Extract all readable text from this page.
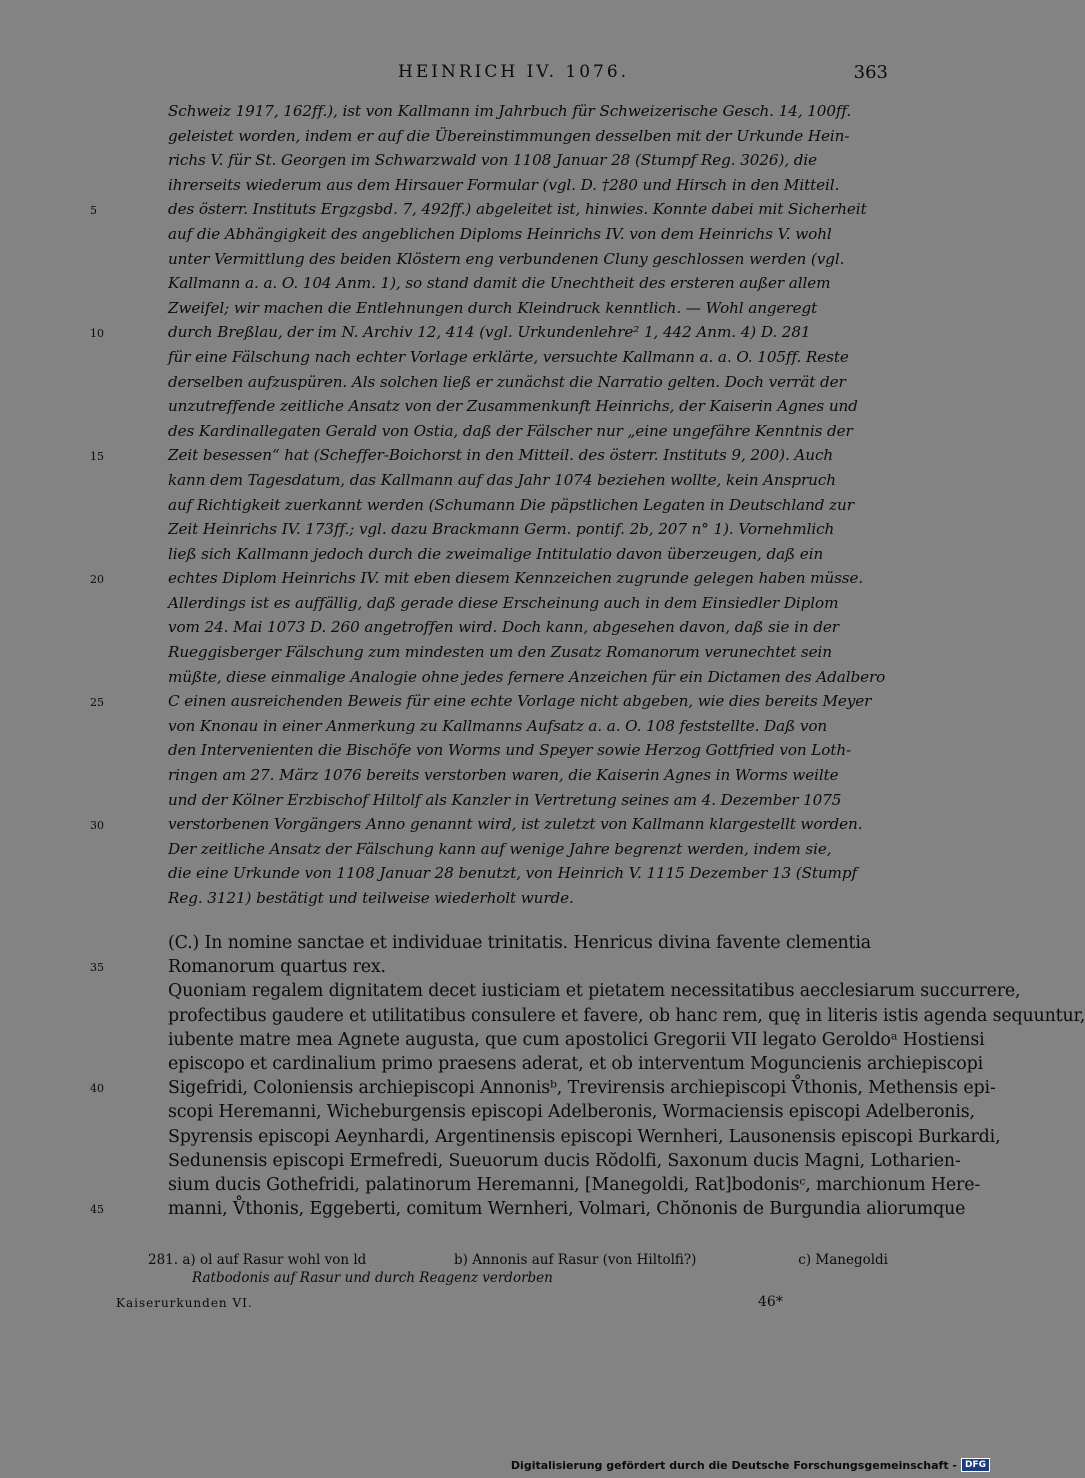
HEINRICH IV. 1076.	363
Schweiz 1917, 162ff.), ist von Kallmann im Jahrbuch für Schweizerische Gesch. 14, 100ff.
geleistet worden, indem er auf die Übereinstimmungen desselben mit der Urkunde Hein-
richs V. für St. Georgen im Schwarzwald von 1108 Januar 28 (Stumpf Reg. 3026), die
ihrerseits wiederum aus dem Hirsauer Formular (vgl. D. †280 und Hirsch in den Mitteil.
5	des österr. Instituts Ergzgsbd. 7, 492ff.) abgeleitet ist, hinwies. Konnte dabei mit Sicherheit
auf die Abhängigkeit des angeblichen Diploms Heinrichs IV. von dem Heinrichs V. wohl
unter Vermittlung des beiden Klöstern eng verbundenen Cluny geschlossen werden (vgl.
Kallmann a. a. O. 104 Anm. 1), so stand damit die Unechtheit des ersteren außer allem
Zweifel; wir machen die Entlehnungen durch Kleindruck kenntlich. — Wohl angeregt
10	durch Breßlau, der im N. Archiv 12, 414 (vgl. Urkundenlehre² 1, 442 Anm. 4) D. 281
für eine Fälschung nach echter Vorlage erklärte, versuchte Kallmann a. a. O. 105ff. Reste
derselben aufzuspüren. Als solchen ließ er zunächst die Narratio gelten. Doch verrät der
unzutreffende zeitliche Ansatz von der Zusammenkunft Heinrichs, der Kaiserin Agnes und
des Kardinallegaten Gerald von Ostia, daß der Fälscher nur „eine ungefähre Kenntnis der
15	Zeit besessen“ hat (Scheffer-Boichorst in den Mitteil. des österr. Instituts 9, 200). Auch
kann dem Tagesdatum, das Kallmann auf das Jahr 1074 beziehen wollte, kein Anspruch
auf Richtigkeit zuerkannt werden (Schumann Die päpstlichen Legaten in Deutschland zur
Zeit Heinrichs IV. 173ff.; vgl. dazu Brackmann Germ. pontif. 2b, 207 n° 1). Vornehmlich
ließ sich Kallmann jedoch durch die zweimalige Intitulatio davon überzeugen, daß ein
20	echtes Diplom Heinrichs IV. mit eben diesem Kennzeichen zugrunde gelegen haben müsse.
Allerdings ist es auffällig, daß gerade diese Erscheinung auch in dem Einsiedler Diplom
vom 24. Mai 1073 D. 260 angetroffen wird. Doch kann, abgesehen davon, daß sie in der
Rueggisberger Fälschung zum mindesten um den Zusatz Romanorum verunechtet sein
müßte, diese einmalige Analogie ohne jedes fernere Anzeichen für ein Dictamen des Adalbero
25	C einen ausreichenden Beweis für eine echte Vorlage nicht abgeben, wie dies bereits Meyer
von Knonau in einer Anmerkung zu Kallmanns Aufsatz a. a. O. 108 feststellte. Daß von
den Intervenienten die Bischöfe von Worms und Speyer sowie Herzog Gottfried von Loth-
ringen am 27. März 1076 bereits verstorben waren, die Kaiserin Agnes in Worms weilte
und der Kölner Erzbischof Hiltolf als Kanzler in Vertretung seines am 4. Dezember 1075
30	verstorbenen Vorgängers Anno genannt wird, ist zuletzt von Kallmann klargestellt worden.
Der zeitliche Ansatz der Fälschung kann auf wenige Jahre begrenzt werden, indem sie,
die eine Urkunde von 1108 Januar 28 benutzt, von Heinrich V. 1115 Dezember 13 (Stumpf
Reg. 3121) bestätigt und teilweise wiederholt wurde.
(C.) In nomine sanctae et individuae trinitatis. Henricus divina favente clementia
35	Romanorum quartus rex.
Quoniam regalem dignitatem decet iusticiam et pietatem necessitatibus aecclesiarum succurrere,
profectibus gaudere et utilitatibus consulere et favere, ob hanc rem, quę in literis istis agenda sequuntur,
iubente matre mea Agnete augusta, que cum apostolici Gregorii VII legato Geroldoᵃ Hostiensi
episcopo et cardinalium primo praesens aderat, et ob interventum Moguncienis archiepiscopi
40	Sigefridi, Coloniensis archiepiscopi Annonisᵇ, Trevirensis archiepiscopi V̊thonis, Methensis epi-
scopi Heremanni, Wicheburgensis episcopi Adelberonis, Wormaciensis episcopi Adelberonis,
Spyrensis episcopi Aeynhardi, Argentinensis episcopi Wernheri, Lausonensis episcopi Burkardi,
Sedunensis episcopi Ermefredi, Sueuorum ducis Rŏdolfi, Saxonum ducis Magni, Lotharien-
sium ducis Gothefridi, palatinorum Heremanni, [Manegoldi, Rat]bodonisᶜ, marchionum Here-
45	manni, V̊thonis, Eggeberti, comitum Wernheri, Volmari, Chŏnonis de Burgundia aliorumque
281. a) ol auf Rasur wohl von ld	b) Annonis auf Rasur (von Hiltolfi?)	c) Manegoldi
Ratbodonis auf Rasur und durch Reagenz verdorben
Kaiserurkunden VI.	46*
Digitalisierung gefördert durch die Deutsche Forschungsgemeinschaft - DFG
